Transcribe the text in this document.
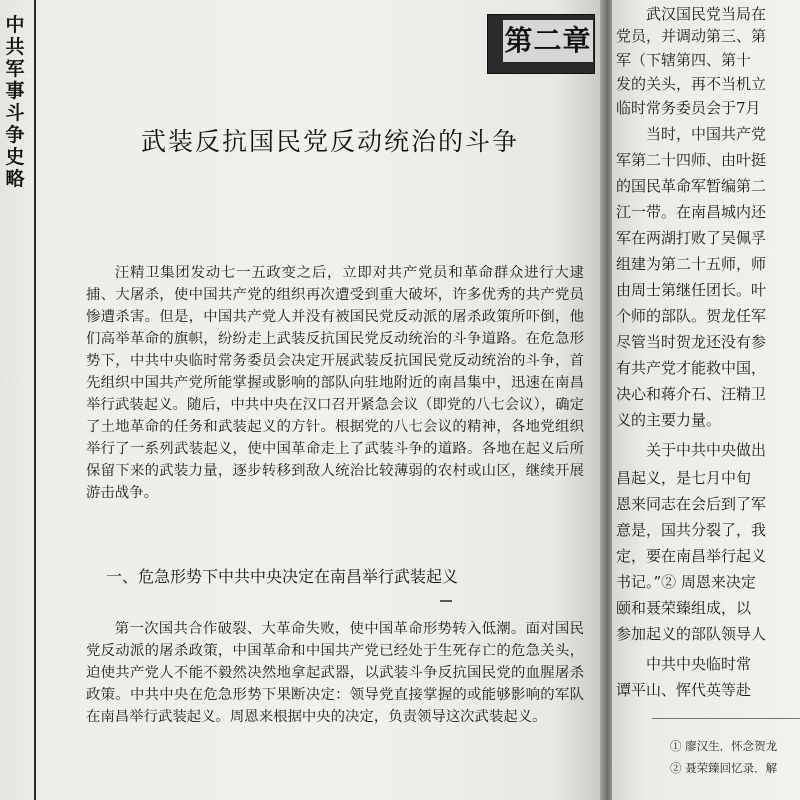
中共军事斗争史略
第二章
武装反抗国民党反动统治的斗争

汪精卫集团发动七一五政变之后，立即对共产党员和革命群众进行大逮捕、大屠杀，使中国共产党的组织再次遭受到重大破坏，许多优秀的共产党员惨遭杀害。但是，中国共产党人并没有被国民党反动派的屠杀政策所吓倒，他们高举革命的旗帜，纷纷走上武装反抗国民党反动统治的斗争道路。在危急形势下，中共中央临时常务委员会决定开展武装反抗国民党反动统治的斗争，首先组织中国共产党所能掌握或影响的部队向驻地附近的南昌集中，迅速在南昌举行武装起义。随后，中共中央在汉口召开紧急会议（即党的八七会议），确定了土地革命的任务和武装起义的方针。根据党的八七会议的精神，各地党组织举行了一系列武装起义，使中国革命走上了武装斗争的道路。各地在起义后所保留下来的武装力量，逐步转移到敌人统治比较薄弱的农村或山区，继续开展游击战争。

一、危急形势下中共中央决定在南昌举行武装起义

第一次国共合作破裂、大革命失败，使中国革命形势转入低潮。面对国民党反动派的屠杀政策，中国革命和中国共产党已经处于生死存亡的危急关头，迫使共产党人不能不毅然决然地拿起武器，以武装斗争反抗国民党的血腥屠杀政策。中共中央在危急形势下果断决定：领导党直接掌握的或能够影响的军队在南昌举行武装起义。周恩来根据中央的决定，负责领导这次武装起义。

武汉国民党当局在
党员，并调动第三、第
军（下辖第四、第十
发的关头，再不当机立
临时常务委员会于7月
当时，中国共产党
军第二十四师、由叶挺
的国民革命军暂编第二
江一带。在南昌城内还
军在两湖打败了吴佩孚
组建为第二十五师，师
由周士第继任团长。叶
个师的部队。贺龙任军
尽管当时贺龙还没有参
有共产党才能救中国，
决心和蒋介石、汪精卫
义的主要力量。
关于中共中央做出
昌起义，是七月中旬
恩来同志在会后到了军
意是，国共分裂了，我
定，要在南昌举行起义
书记。”② 周恩来决定
颐和聂荣臻组成，以
参加起义的部队领导人
中共中央临时常
谭平山、恽代英等赴
① 廖汉生．怀念贺龙
② 聂荣臻回忆录．解
